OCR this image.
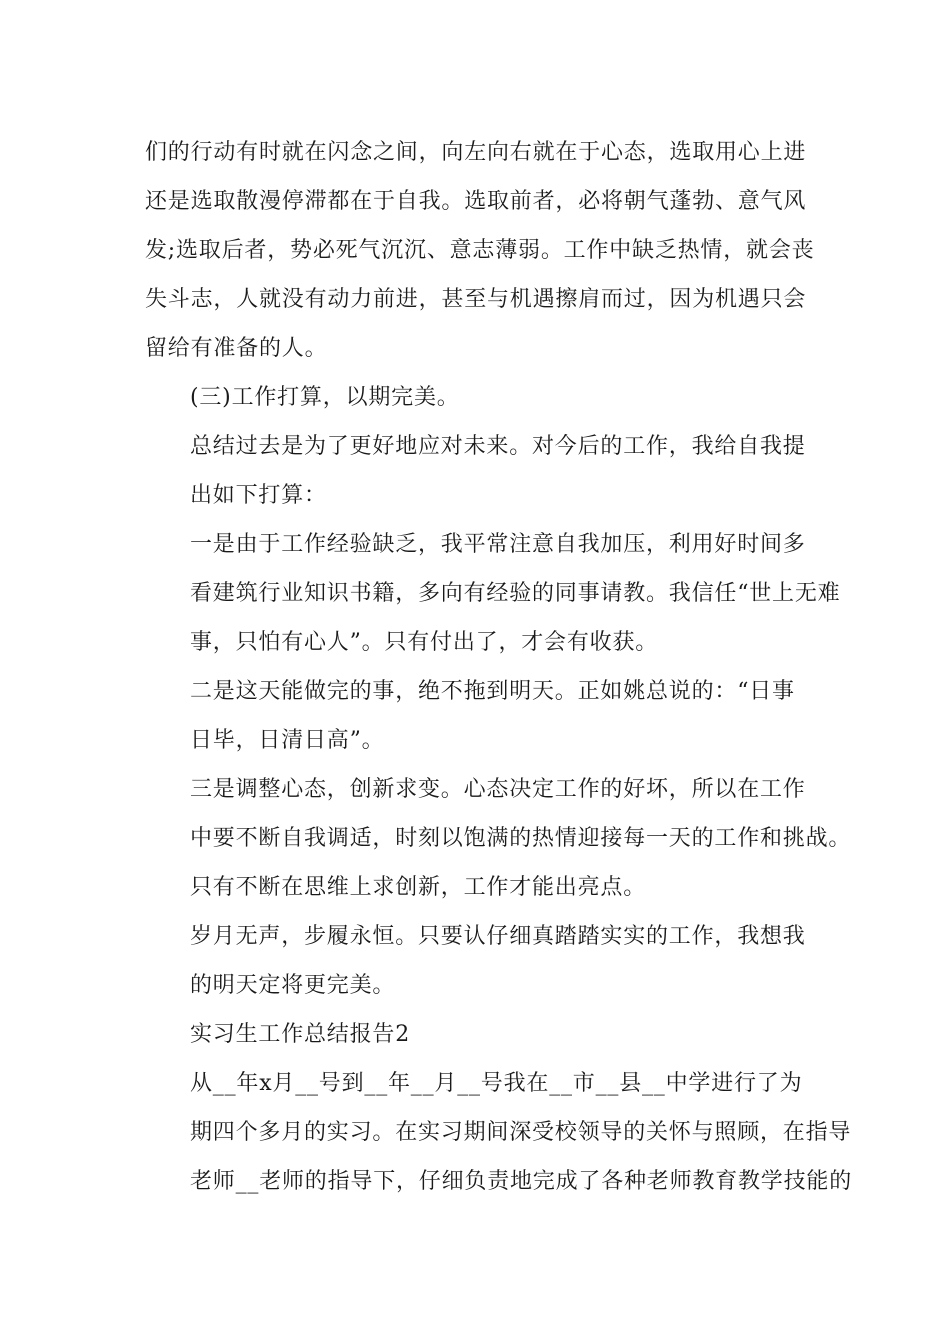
们的行动有时就在闪念之间，向左向右就在于心态，选取用心上进
还是选取散漫停滞都在于自我。选取前者，必将朝气蓬勃、意气风
发;选取后者，势必死气沉沉、意志薄弱。工作中缺乏热情，就会丧
失斗志，人就没有动力前进，甚至与机遇擦肩而过，因为机遇只会
留给有准备的人。

(三)工作打算，以期完美。

总结过去是为了更好地应对未来。对今后的工作，我给自我提
出如下打算：

一是由于工作经验缺乏，我平常注意自我加压，利用好时间多
看建筑行业知识书籍，多向有经验的同事请教。我信任“世上无难
事，只怕有心人”。只有付出了，才会有收获。

二是这天能做完的事，绝不拖到明天。正如姚总说的：“日事
日毕，日清日高”。

三是调整心态，创新求变。心态决定工作的好坏，所以在工作
中要不断自我调适，时刻以饱满的热情迎接每一天的工作和挑战。
只有不断在思维上求创新，工作才能出亮点。

岁月无声，步履永恒。只要认仔细真踏踏实实的工作，我想我
的明天定将更完美。

实习生工作总结报告2

从__年x月__号到__年__月__号我在__市__县__中学进行了为
期四个多月的实习。在实习期间深受校领导的关怀与照顾，在指导
老师__老师的指导下，仔细负责地完成了各种老师教育教学技能的
